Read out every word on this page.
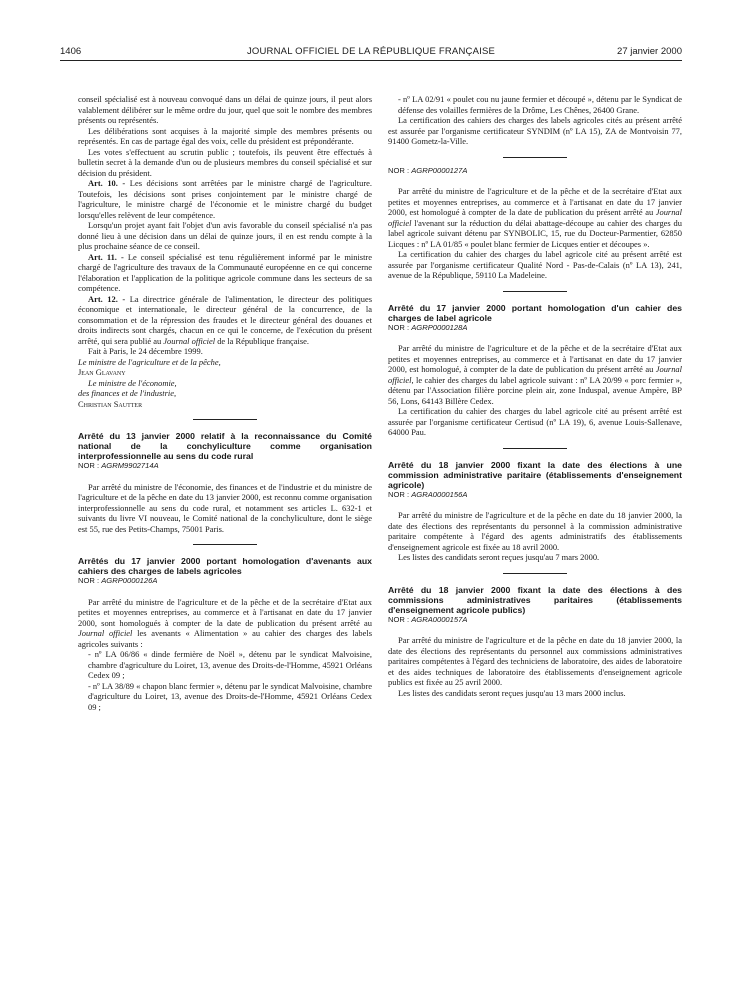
1406	JOURNAL OFFICIEL DE LA RÉPUBLIQUE FRANÇAISE	27 janvier 2000

conseil spécialisé est à nouveau convoqué dans un délai de quinze jours, il peut alors valablement délibérer sur le même ordre du jour, quel que soit le nombre des membres présents ou représentés.

Les délibérations sont acquises à la majorité simple des membres présents ou représentés. En cas de partage égal des voix, celle du président est prépondérante.

Les votes s'effectuent au scrutin public ; toutefois, ils peuvent être effectués à bulletin secret à la demande d'un ou de plusieurs membres du conseil spécialisé et sur décision du président.

Art. 10. - Les décisions sont arrêtées par le ministre chargé de l'agriculture. Toutefois, les décisions sont prises conjointement par le ministre chargé de l'agriculture, le ministre chargé de l'économie et le ministre chargé du budget lorsqu'elles relèvent de leur compétence.

Lorsqu'un projet ayant fait l'objet d'un avis favorable du conseil spécialisé n'a pas donné lieu à une décision dans un délai de quinze jours, il en est rendu compte à la plus prochaine séance de ce conseil.

Art. 11. - Le conseil spécialisé est tenu régulièrement informé par le ministre chargé de l'agriculture des travaux de la Communauté européenne en ce qui concerne l'élaboration et l'application de la politique agricole commune dans les secteurs de sa compétence.

Art. 12. - La directrice générale de l'alimentation, le directeur des politiques économique et internationale, le directeur général de la concurrence, de la consommation et de la répression des fraudes et le directeur général des douanes et droits indirects sont chargés, chacun en ce qui le concerne, de l'exécution du présent arrêté, qui sera publié au Journal officiel de la République française.

Fait à Paris, le 24 décembre 1999.

Le ministre de l'agriculture et de la pêche,

Jean Glavany

Le ministre de l'économie,

des finances et de l'industrie,

Christian Sautter

Arrêté du 13 janvier 2000 relatif à la reconnaissance du Comité national de la conchyliculture comme organisation interprofessionnelle au sens du code rural

NOR : AGRM9902714A

Par arrêté du ministre de l'économie, des finances et de l'industrie et du ministre de l'agriculture et de la pêche en date du 13 janvier 2000, est reconnu comme organisation interprofessionnelle au sens du code rural, et notamment ses articles L. 632-1 et suivants du livre VI nouveau, le Comité national de la conchyliculture, dont le siège est 55, rue des Petits-Champs, 75001 Paris.

Arrêtés du 17 janvier 2000 portant homologation d'avenants aux cahiers des charges de labels agricoles

NOR : AGRP0000126A

Par arrêté du ministre de l'agriculture et de la pêche et de la secrétaire d'Etat aux petites et moyennes entreprises, au commerce et à l'artisanat en date du 17 janvier 2000, sont homologués à compter de la date de publication du présent arrêté au Journal officiel les avenants « Alimentation » au cahier des charges des labels agricoles suivants :

- nº LA 06/86 « dinde fermière de Noël », détenu par le syndicat Malvoisine, chambre d'agriculture du Loiret, 13, avenue des Droits-de-l'Homme, 45921 Orléans Cedex 09 ;

- nº LA 38/89 « chapon blanc fermier », détenu par le syndicat Malvoisine, chambre d'agriculture du Loiret, 13, avenue des Droits-de-l'Homme, 45921 Orléans Cedex 09 ;

- nº LA 02/91 « poulet cou nu jaune fermier et découpé », détenu par le Syndicat de défense des volailles fermières de la Drôme, Les Chênes, 26400 Grane.

La certification des cahiers des charges des labels agricoles cités au présent arrêté est assurée par l'organisme certificateur SYNDIM (nº LA 15), ZA de Montvoisin 77, 91400 Gometz-la-Ville.

NOR : AGRP0000127A

Par arrêté du ministre de l'agriculture et de la pêche et de la secrétaire d'Etat aux petites et moyennes entreprises, au commerce et à l'artisanat en date du 17 janvier 2000, est homologué à compter de la date de publication du présent arrêté au Journal officiel l'avenant sur la réduction du délai abattage-découpe au cahier des charges du label agricole suivant détenu par SYNBOLIC, 15, rue du Docteur-Parmentier, 62850 Licques : nº LA 01/85 « poulet blanc fermier de Licques entier et découpes ».

La certification du cahier des charges du label agricole cité au présent arrêté est assurée par l'organisme certificateur Qualité Nord - Pas-de-Calais (nº LA 13), 241, avenue de la République, 59110 La Madeleine.

Arrêté du 17 janvier 2000 portant homologation d'un cahier des charges de label agricole

NOR : AGRP0000128A

Par arrêté du ministre de l'agriculture et de la pêche et de la secrétaire d'Etat aux petites et moyennes entreprises, au commerce et à l'artisanat en date du 17 janvier 2000, est homologué, à compter de la date de publication du présent arrêté au Journal officiel, le cahier des charges du label agricole suivant : nº LA 20/99 « porc fermier », détenu par l'Association filière porcine plein air, zone Induspal, avenue Ampère, BP 56, Lons, 64143 Billère Cedex.

La certification du cahier des charges du label agricole cité au présent arrêté est assurée par l'organisme certificateur Certisud (nº LA 19), 6, avenue Louis-Sallenave, 64000 Pau.

Arrêté du 18 janvier 2000 fixant la date des élections à une commission administrative paritaire (établissements d'enseignement agricole)

NOR : AGRA0000156A

Par arrêté du ministre de l'agriculture et de la pêche en date du 18 janvier 2000, la date des élections des représentants du personnel à la commission administrative paritaire compétente à l'égard des agents administratifs des établissements d'enseignement agricole est fixée au 18 avril 2000.

Les listes des candidats seront reçues jusqu'au 7 mars 2000.

Arrêté du 18 janvier 2000 fixant la date des élections à des commissions administratives paritaires (établissements d'enseignement agricole publics)

NOR : AGRA0000157A

Par arrêté du ministre de l'agriculture et de la pêche en date du 18 janvier 2000, la date des élections des représentants du personnel aux commissions administratives paritaires compétentes à l'égard des techniciens de laboratoire, des aides de laboratoire et des aides techniques de laboratoire des établissements d'enseignement agricole publics est fixée au 25 avril 2000.

Les listes des candidats seront reçues jusqu'au 13 mars 2000 inclus.
